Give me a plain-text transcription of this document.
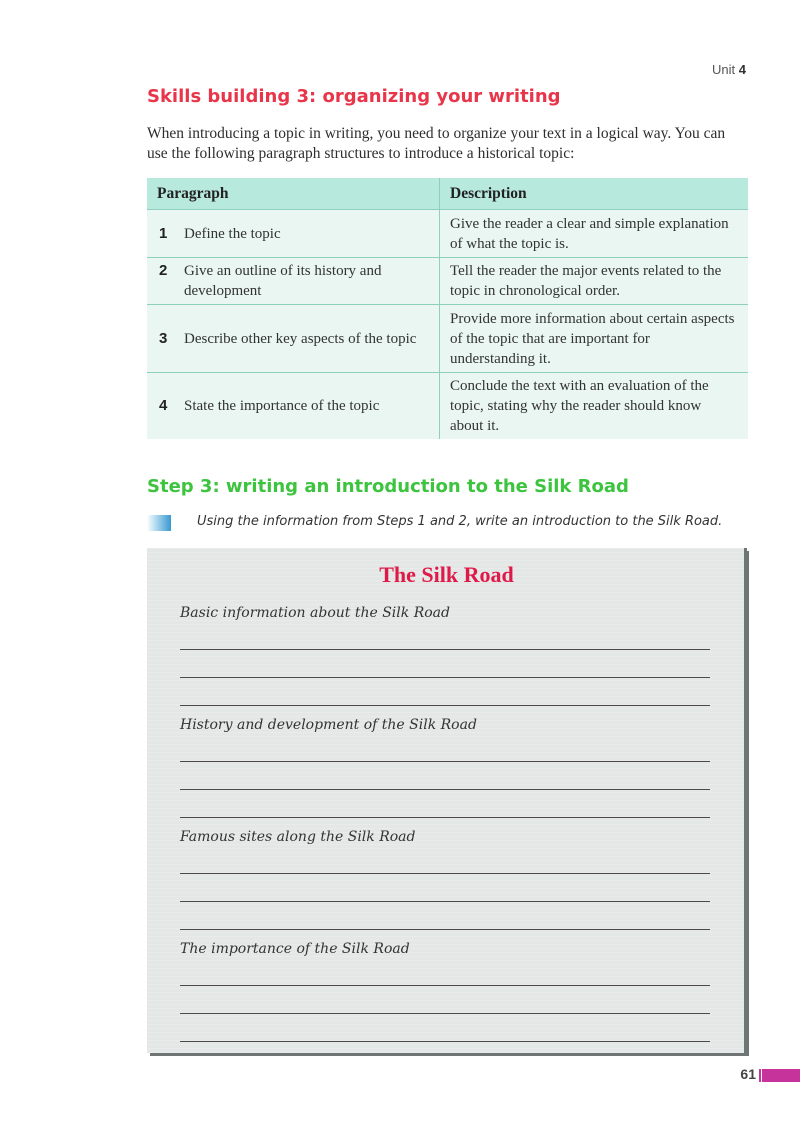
Unit 4
Skills building 3: organizing your writing
When introducing a topic in writing, you need to organize your text in a logical way. You can use the following paragraph structures to introduce a historical topic:
Paragraph	Description

1 Define the topic	Give the reader a clear and simple explanation of what the topic is.

2 Give an outline of its history and development	Tell the reader the major events related to the topic in chronological order.

3 Describe other key aspects of the topic	Provide more information about certain aspects of the topic that are important for understanding it.

4 State the importance of the topic	Conclude the text with an evaluation of the topic, stating why the reader should know about it.
Step 3: writing an introduction to the Silk Road
Using the information from Steps 1 and 2, write an introduction to the Silk Road.
The Silk Road
Basic information about the Silk Road
History and development of the Silk Road
Famous sites along the Silk Road
The importance of the Silk Road
61
